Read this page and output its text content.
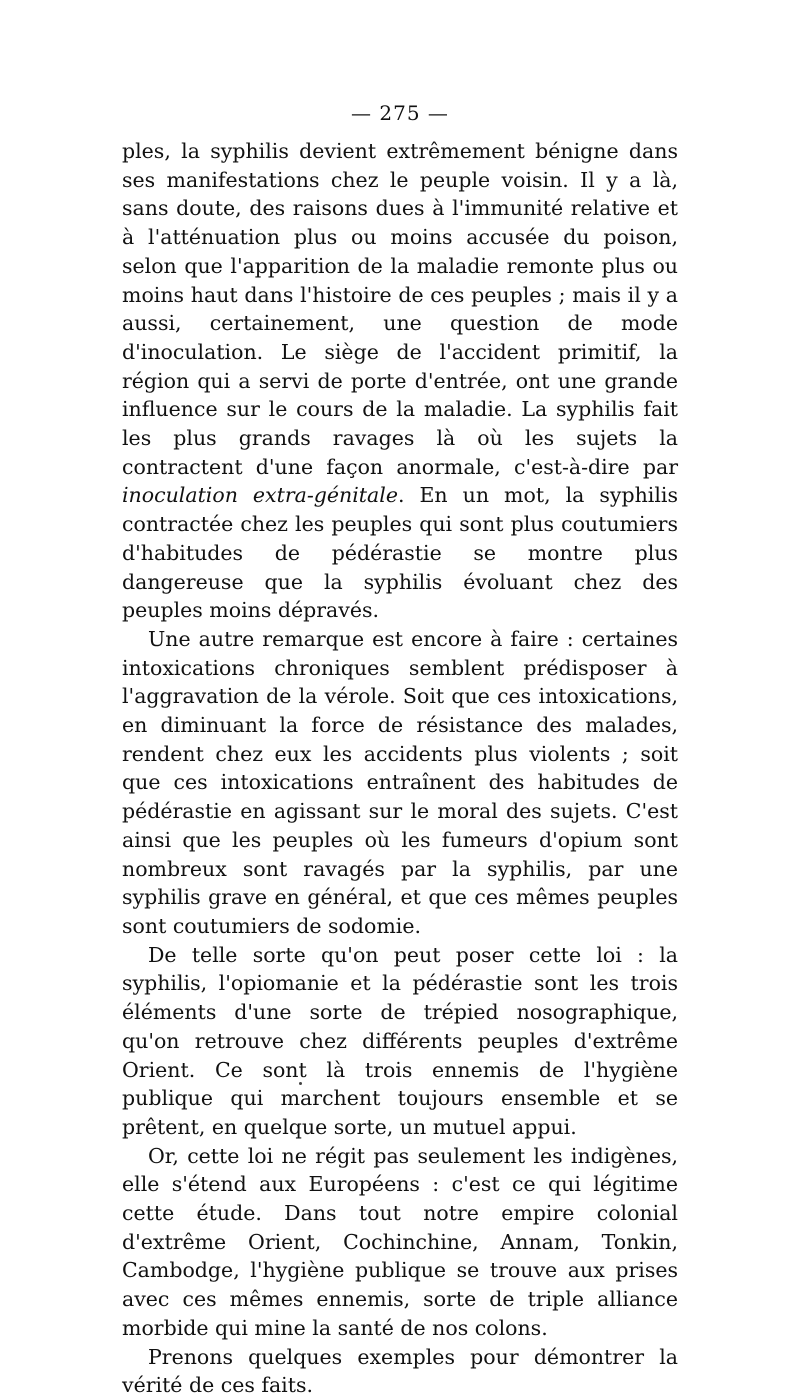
— 275 —

ples, la syphilis devient extrêmement bénigne dans ses manifestations chez le peuple voisin. Il y a là, sans doute, des raisons dues à l'immunité relative et à l'atténuation plus ou moins accusée du poison, selon que l'apparition de la maladie remonte plus ou moins haut dans l'histoire de ces peuples ; mais il y a aussi, certainement, une question de mode d'inoculation. Le siège de l'accident primitif, la région qui a servi de porte d'entrée, ont une grande influence sur le cours de la maladie. La syphilis fait les plus grands ravages là où les sujets la contractent d'une façon anormale, c'est-à-dire par inoculation extra-génitale. En un mot, la syphilis contractée chez les peuples qui sont plus coutumiers d'habitudes de pédérastie se montre plus dangereuse que la syphilis évoluant chez des peuples moins dépravés.

Une autre remarque est encore à faire : certaines intoxications chroniques semblent prédisposer à l'aggravation de la vérole. Soit que ces intoxications, en diminuant la force de résistance des malades, rendent chez eux les accidents plus violents ; soit que ces intoxications entraînent des habitudes de pédérastie en agissant sur le moral des sujets. C'est ainsi que les peuples où les fumeurs d'opium sont nombreux sont ravagés par la syphilis, par une syphilis grave en général, et que ces mêmes peuples sont coutumiers de sodomie.

De telle sorte qu'on peut poser cette loi : la syphilis, l'opiomanie et la pédérastie sont les trois éléments d'une sorte de trépied nosographique, qu'on retrouve chez différents peuples d'extrême Orient. Ce sont là trois ennemis de l'hygiène publique qui marchent toujours ensemble et se prêtent, en quelque sorte, un mutuel appui.

Or, cette loi ne régit pas seulement les indigènes, elle s'étend aux Européens : c'est ce qui légitime cette étude. Dans tout notre empire colonial d'extrême Orient, Cochinchine, Annam, Tonkin, Cambodge, l'hygiène publique se trouve aux prises avec ces mêmes ennemis, sorte de triple alliance morbide qui mine la santé de nos colons.

Prenons quelques exemples pour démontrer la vérité de ces faits.
